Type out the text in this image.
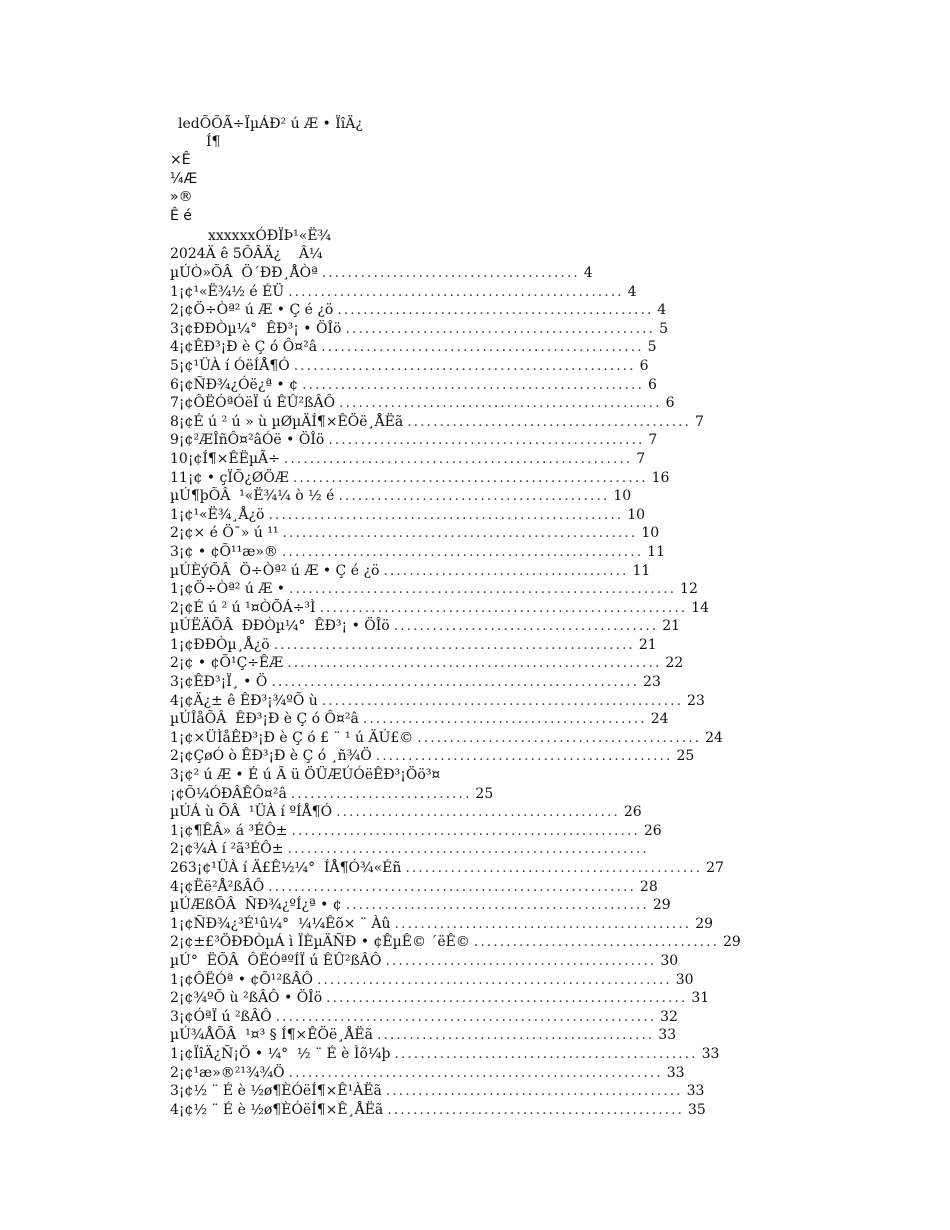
ledÕÕÃ÷ÏµÁÐ² ú Æ • ÏîÄ¿
Í¶
×Ê
¼Æ
»®
Ê é
xxxxxxÓÐÏÞ¹«Ë¾
2024Ä ê 5ÔÂÄ¿    Â¼
µÚÒ»ÕÂ  Ö´ÐÐ¸ÅÒª ........................................ 4
1¡¢¹«Ë¾½ é ÉÜ .................................................... 4
2¡¢Ö÷Òª² ú Æ • Ç é ¿ö ................................................. 4
3¡¢ÐÐÒµ¼°  ÊÐ³¡ • ÖÎö ................................................ 5
4¡¢ÊÐ³¡Ð è Ç ó Ô¤²â .................................................. 5
5¡¢¹ÜÀ í ÓëÍÅ¶Ó ..................................................... 6
6¡¢ÑÐ¾¿Óë¿ª • ¢ ..................................................... 6
7¡¢ÔËÓªÓëÏ ú ÊÛ²ßÂÔ .................................................. 6
8¡¢É ú ² ú » ù µØµÄÍ¶×ÊÖë¸ÅËã ............................................ 7
9¡¢²ÆÎñÔ¤²âÓë • ÖÎö ................................................. 7
10¡¢Í¶×ÊËµÃ÷ ...................................................... 7
11¡¢ • çÏÕ¿ØÖÆ ....................................................... 16
µÚ¶þÕÂ  ¹«Ë¾¼ ò ½ é .......................................... 10
1¡¢¹«Ë¾¸Å¿ö ....................................................... 10
2¡¢× é Ö¯» ú ¹¹ ....................................................... 10
3¡¢ • ¢Õ¹¹æ»® ........................................................ 11
µÚÈýÕÂ  Ö÷Òª² ú Æ • Ç é ¿ö ...................................... 11
1¡¢Ö÷Òª² ú Æ • ............................................................ 12
2¡¢É ú ² ú ¹¤ÒÕÁ÷³Ì ......................................................... 14
µÚËÄÕÂ  ÐÐÒµ¼°  ÊÐ³¡ • ÖÎö ......................................... 21
1¡¢ÐÐÒµ¸Å¿ö ........................................................ 21
2¡¢ • ¢Õ¹Ç÷ÊÆ .......................................................... 22
3¡¢ÊÐ³¡Ï¸ • Ö ......................................................... 23
4¡¢Ä¿± ê ÊÐ³¡¾ºÕ ù ........................................................ 23
µÚÎåÕÂ  ÊÐ³¡Ð è Ç ó Ô¤²â ............................................ 24
1¡¢×ÜÌåÊÐ³¡Ð è Ç ó £ ¨ ¹ ú ÄÚ£© ............................................ 24
2¡¢ÇøÓ ò ÊÐ³¡Ð è Ç ó ¸ñ¾Ö .............................................. 25
3¡¢² ú Æ • É ú Ã ü ÖÜÆÚÓëÊÐ³¡Öö³¤
¡¢Õ¼ÓÐÂÊÔ¤²â ............................ 25
µÚÁ ù ÕÂ  ¹ÜÀ í ºÍÅ¶Ó ............................................ 26
1¡¢¶ÊÂ» á ³ÉÔ± ...................................................... 26
2¡¢¾À í ²ã³ÉÔ± ........................................................
263¡¢¹ÜÀ í Ä£Ê½¼°  ÍÅ¶Ó¾«Éñ .............................................. 27
4¡¢Ëë²Å²ßÂÔ ......................................................... 28
µÚÆßÕÂ  ÑÐ¾¿ºÍ¿ª • ¢ ............................................... 29
1¡¢ÑÐ¾¿³É¹û¼°  ¼¼Êõ× ¨ Àû .............................................. 29
2¡¢±£³ÖÐÐÒµÁ ì ÏÈµÄÑÐ • ¢ÊµÊ© ´ëÊ© ...................................... 29
µÚ°  ËÕÂ  ÔËÓªºÍÏ ú ÊÛ²ßÂÔ .......................................... 30
1¡¢ÔËÓª • ¢Õ¹²ßÂÔ ....................................................... 30
2¡¢¾ºÕ ù ²ßÂÔ • ÖÎö ........................................................ 31
3¡¢ÓªÏ ú ²ßÂÔ ........................................................... 32
µÚ¾ÅÕÂ  ¹¤³ § Í¶×ÊÖë¸ÅËã ........................................... 33
1¡¢ÏîÄ¿Ñ¡Ö • ¼°  ½ ¨ É è Ìõ¼þ ............................................... 33
2¡¢¹æ»®²¹¾¾Ö .......................................................... 33
3¡¢½ ¨ É è ½ø¶ÈÓëÍ¶×Ê¹ÀËã .............................................. 33
4¡¢½ ¨ É è ½ø¶ÈÓëÍ¶×Ê¸ÅËã .............................................. 35
